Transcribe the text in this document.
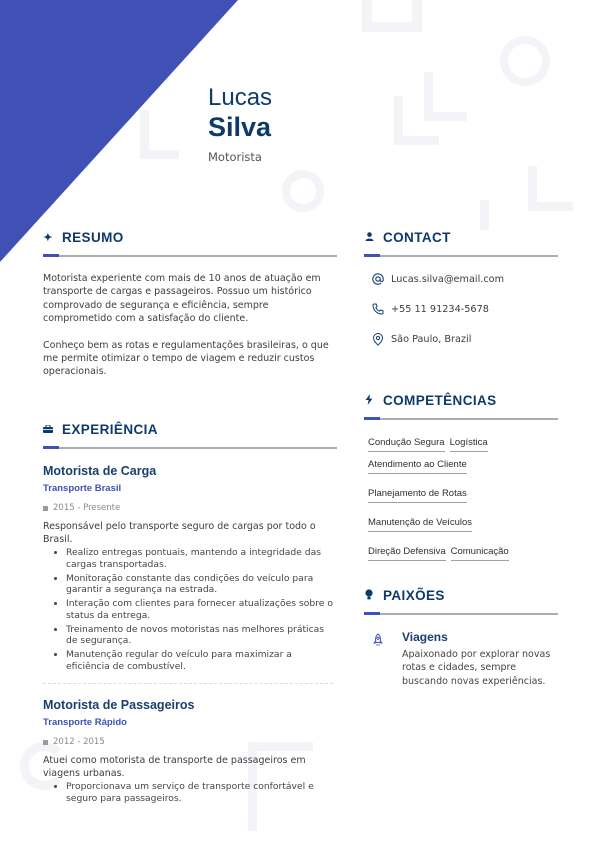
Lucas
Silva
Motorista
✦ RESUMO

Motorista experiente com mais de 10 anos de atuação em transporte de cargas e passageiros. Possuo um histórico comprovado de segurança e eficiência, sempre comprometido com a satisfação do cliente.

Conheço bem as rotas e regulamentações brasileiras, o que me permite otimizar o tempo de viagem e reduzir custos operacionais.

EXPERIÊNCIA
Motorista de Carga
Transporte Brasil
2015 - Presente
Responsável pelo transporte seguro de cargas por todo o Brasil.
• Realizo entregas pontuais, mantendo a integridade das cargas transportadas.
• Monitoração constante das condições do veículo para garantir a segurança na estrada.
• Interação com clientes para fornecer atualizações sobre o status da entrega.
• Treinamento de novos motoristas nas melhores práticas de segurança.
• Manutenção regular do veículo para maximizar a eficiência de combustível.
Motorista de Passageiros
Transporte Rápido
2012 - 2015
Atuei como motorista de transporte de passageiros em viagens urbanas.
• Proporcionava um serviço de transporte confortável e seguro para passageiros.
CONTACT
Lucas.silva@email.com
+55 11 91234-5678
São Paulo, Brazil
COMPETÊNCIAS
Condução Segura Logística
Atendimento ao Cliente
Planejamento de Rotas
Manutenção de Veículos
Direção Defensiva Comunicação
PAIXÕES
Viagens
Apaixonado por explorar novas rotas e cidades, sempre buscando novas experiências.
